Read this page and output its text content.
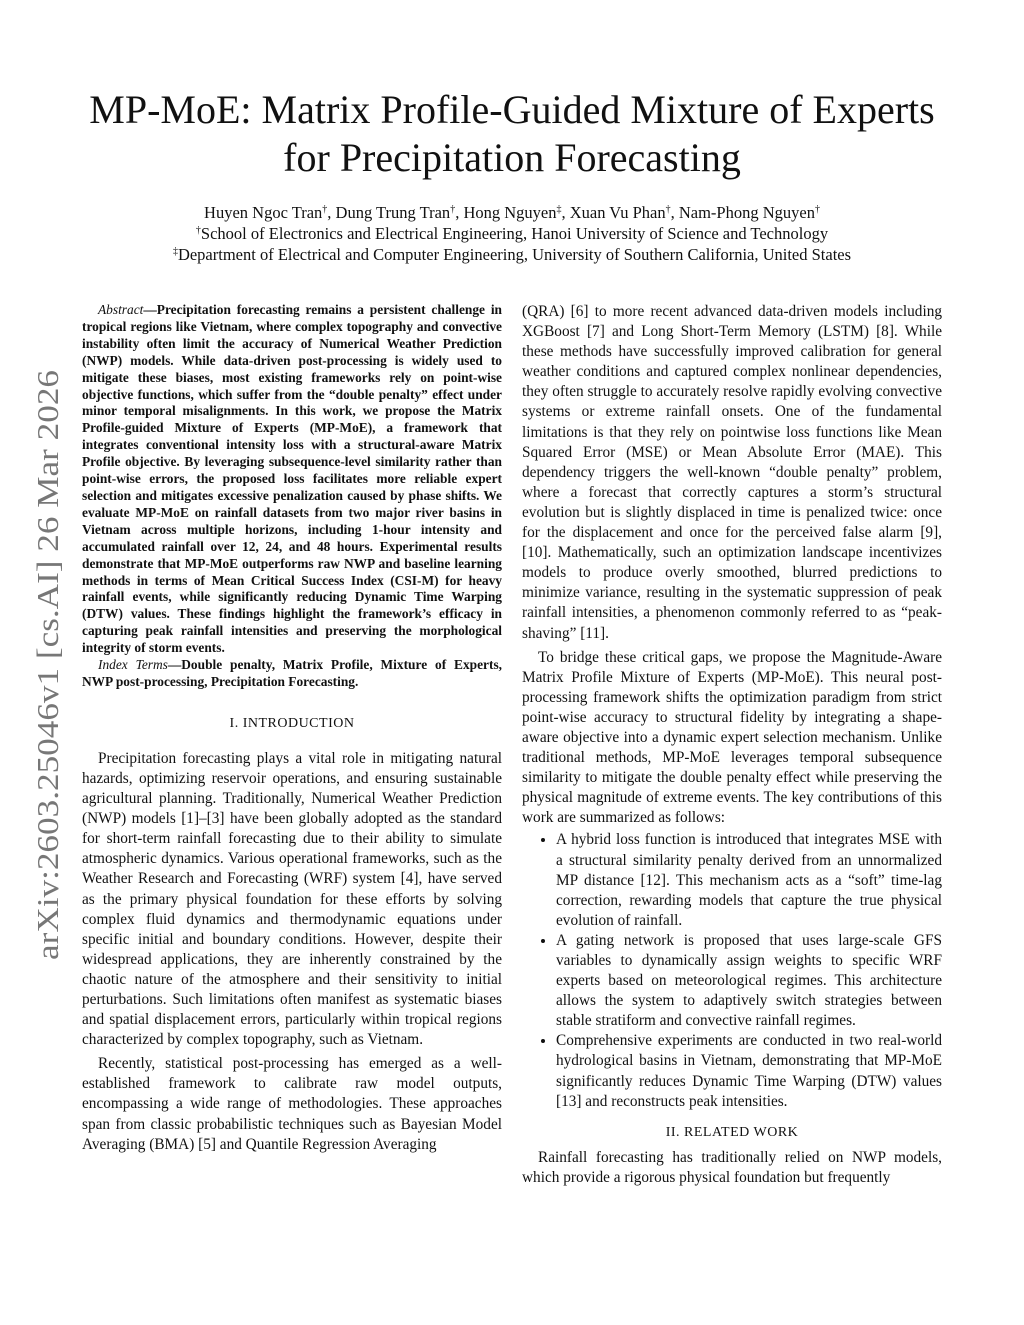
arXiv:2603.25046v1 [cs.AI] 26 Mar 2026
MP-MoE: Matrix Profile-Guided Mixture of Experts
for Precipitation Forecasting
Huyen Ngoc Tran†, Dung Trung Tran†, Hong Nguyen‡, Xuan Vu Phan†, Nam-Phong Nguyen†
†School of Electronics and Electrical Engineering, Hanoi University of Science and Technology
‡Department of Electrical and Computer Engineering, University of Southern California, United States

Abstract—Precipitation forecasting remains a persistent challenge in tropical regions like Vietnam, where complex topography and convective instability often limit the accuracy of Numerical Weather Prediction (NWP) models. While data-driven post-processing is widely used to mitigate these biases, most existing frameworks rely on point-wise objective functions, which suffer from the “double penalty” effect under minor temporal misalignments. In this work, we propose the Matrix Profile-guided Mixture of Experts (MP-MoE), a framework that integrates conventional intensity loss with a structural-aware Matrix Profile objective. By leveraging subsequence-level similarity rather than point-wise errors, the proposed loss facilitates more reliable expert selection and mitigates excessive penalization caused by phase shifts. We evaluate MP-MoE on rainfall datasets from two major river basins in Vietnam across multiple horizons, including 1-hour intensity and accumulated rainfall over 12, 24, and 48 hours. Experimental results demonstrate that MP-MoE outperforms raw NWP and baseline learning methods in terms of Mean Critical Success Index (CSI-M) for heavy rainfall events, while significantly reducing Dynamic Time Warping (DTW) values. These findings highlight the framework’s efficacy in capturing peak rainfall intensities and preserving the morphological integrity of storm events.

Index Terms—Double penalty, Matrix Profile, Mixture of Experts, NWP post-processing, Precipitation Forecasting.

I. INTRODUCTION

Precipitation forecasting plays a vital role in mitigating natural hazards, optimizing reservoir operations, and ensuring sustainable agricultural planning. Traditionally, Numerical Weather Prediction (NWP) models [1]–[3] have been globally adopted as the standard for short-term rainfall forecasting due to their ability to simulate atmospheric dynamics. Various operational frameworks, such as the Weather Research and Forecasting (WRF) system [4], have served as the primary physical foundation for these efforts by solving complex fluid dynamics and thermodynamic equations under specific initial and boundary conditions. However, despite their widespread applications, they are inherently constrained by the chaotic nature of the atmosphere and their sensitivity to initial perturbations. Such limitations often manifest as systematic biases and spatial displacement errors, particularly within tropical regions characterized by complex topography, such as Vietnam.

Recently, statistical post-processing has emerged as a well-established framework to calibrate raw model outputs, encompassing a wide range of methodologies. These approaches span from classic probabilistic techniques such as Bayesian Model Averaging (BMA) [5] and Quantile Regression Averaging

(QRA) [6] to more recent advanced data-driven models including XGBoost [7] and Long Short-Term Memory (LSTM) [8]. While these methods have successfully improved calibration for general weather conditions and captured complex nonlinear dependencies, they often struggle to accurately resolve rapidly evolving convective systems or extreme rainfall onsets. One of the fundamental limitations is that they rely on pointwise loss functions like Mean Squared Error (MSE) or Mean Absolute Error (MAE). This dependency triggers the well-known “double penalty” problem, where a forecast that correctly captures a storm’s structural evolution but is slightly displaced in time is penalized twice: once for the displacement and once for the perceived false alarm [9], [10]. Mathematically, such an optimization landscape incentivizes models to produce overly smoothed, blurred predictions to minimize variance, resulting in the systematic suppression of peak rainfall intensities, a phenomenon commonly referred to as “peak-shaving” [11].

To bridge these critical gaps, we propose the Magnitude-Aware Matrix Profile Mixture of Experts (MP-MoE). This neural post-processing framework shifts the optimization paradigm from strict point-wise accuracy to structural fidelity by integrating a shape-aware objective into a dynamic expert selection mechanism. Unlike traditional methods, MP-MoE leverages temporal subsequence similarity to mitigate the double penalty effect while preserving the physical magnitude of extreme events. The key contributions of this work are summarized as follows:

• A hybrid loss function is introduced that integrates MSE with a structural similarity penalty derived from an unnormalized MP distance [12]. This mechanism acts as a “soft” time-lag correction, rewarding models that capture the true physical evolution of rainfall.
• A gating network is proposed that uses large-scale GFS variables to dynamically assign weights to specific WRF experts based on meteorological regimes. This architecture allows the system to adaptively switch strategies between stable stratiform and convective rainfall regimes.
• Comprehensive experiments are conducted in two real-world hydrological basins in Vietnam, demonstrating that MP-MoE significantly reduces Dynamic Time Warping (DTW) values [13] and reconstructs peak intensities.
II. RELATED WORK

Rainfall forecasting has traditionally relied on NWP models, which provide a rigorous physical foundation but frequently
